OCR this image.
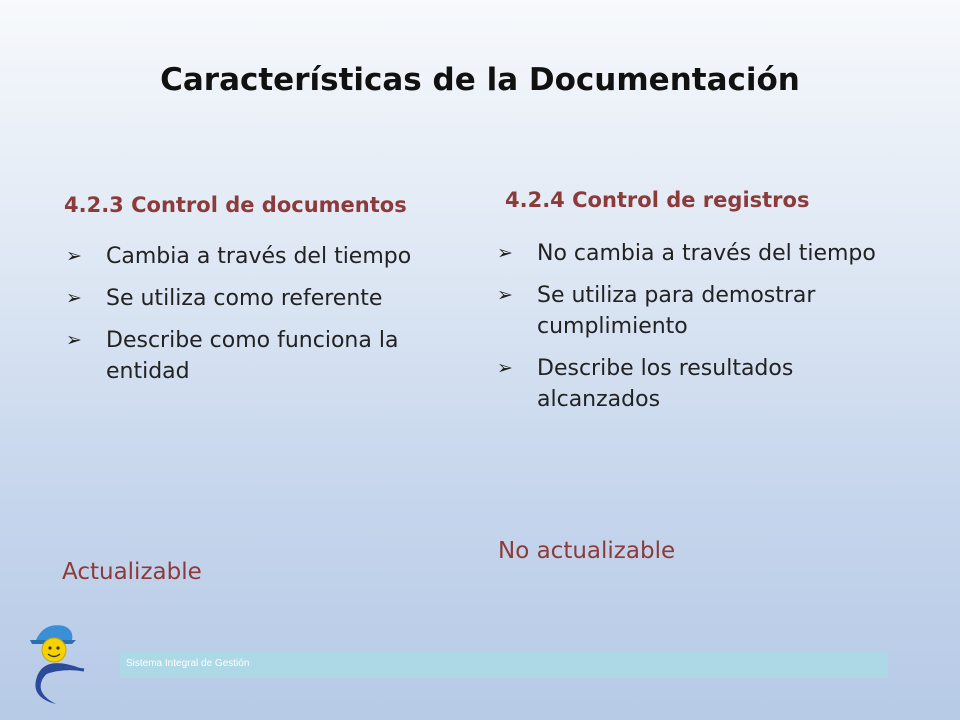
Características de la Documentación
4.2.3 Control de documentos
➢ Cambia a través del tiempo
➢ Se utiliza como referente
➢ Describe como funciona la entidad
Actualizable
4.2.4 Control de registros
➢ No cambia a través del tiempo
➢ Se utiliza para demostrar cumplimiento
➢ Describe los resultados alcanzados
No actualizable
Sistema Integral de Gestión
